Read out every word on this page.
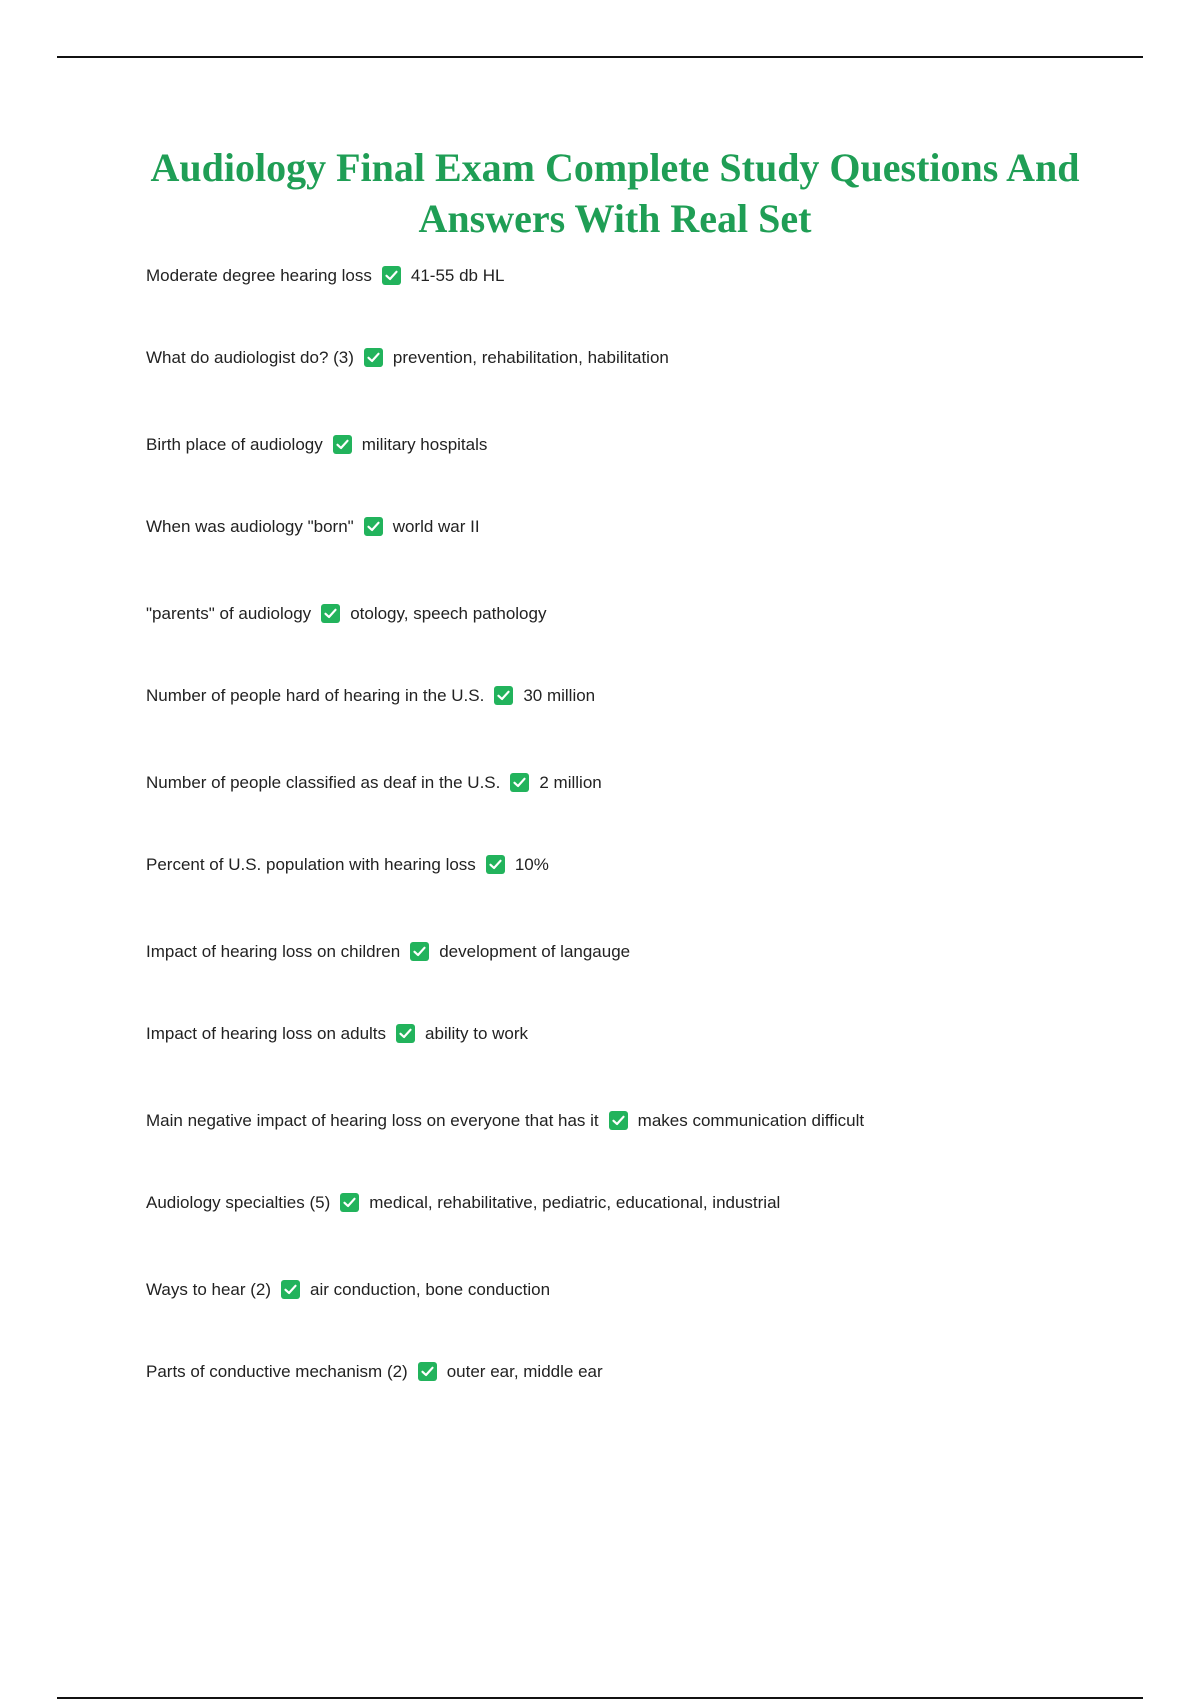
Audiology Final Exam Complete Study Questions And Answers With Real Set
Moderate degree hearing loss 41-55 db HL
What do audiologist do? (3) prevention, rehabilitation, habilitation
Birth place of audiology military hospitals
When was audiology "born" world war II
"parents" of audiology otology, speech pathology
Number of people hard of hearing in the U.S. 30 million
Number of people classified as deaf in the U.S. 2 million
Percent of U.S. population with hearing loss 10%
Impact of hearing loss on children development of langauge
Impact of hearing loss on adults ability to work
Main negative impact of hearing loss on everyone that has it makes communication difficult
Audiology specialties (5) medical, rehabilitative, pediatric, educational, industrial
Ways to hear (2) air conduction, bone conduction
Parts of conductive mechanism (2) outer ear, middle ear
